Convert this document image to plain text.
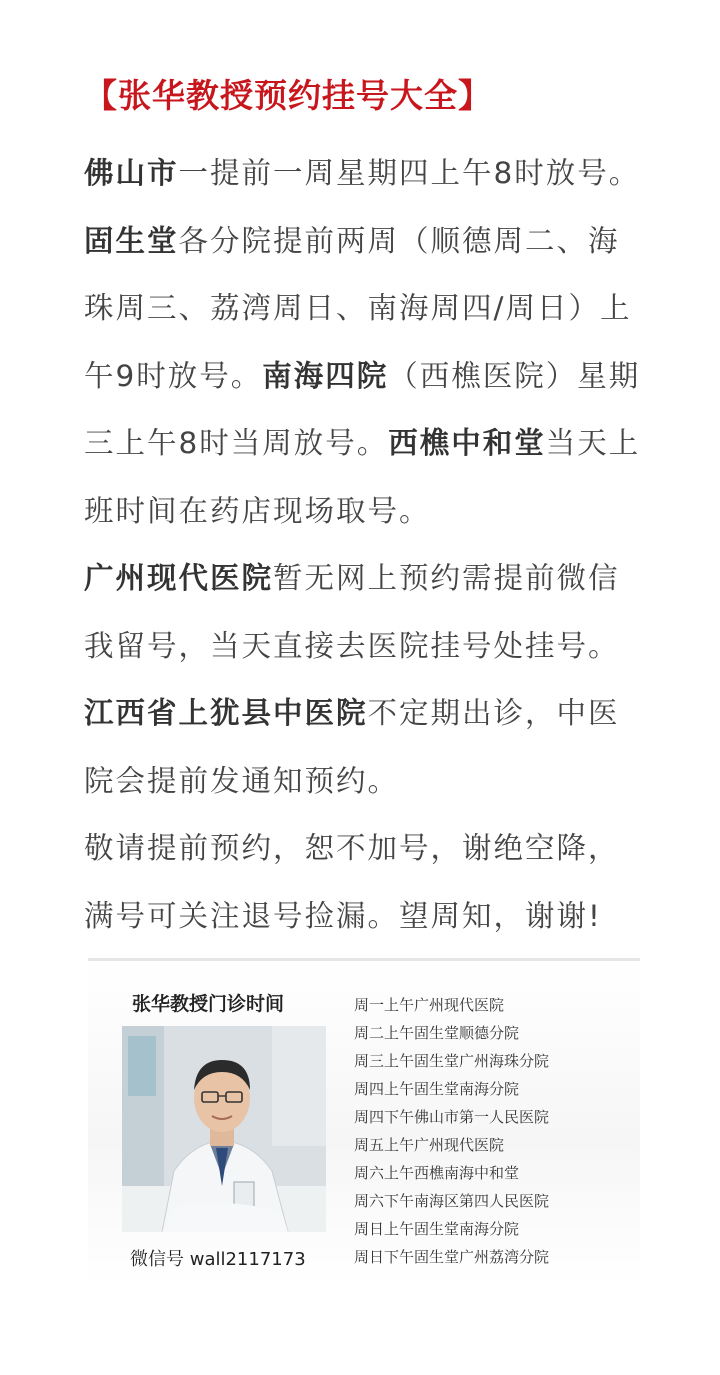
【张华教授预约挂号大全】

佛山市一提前一周星期四上午8时放号。固生堂各分院提前两周（顺德周二、海珠周三、荔湾周日、南海周四/周日）上午9时放号。南海四院（西樵医院）星期三上午8时当周放号。西樵中和堂当天上班时间在药店现场取号。

广州现代医院暂无网上预约需提前微信我留号，当天直接去医院挂号处挂号。

江西省上犹县中医院不定期出诊，中医院会提前发通知预约。

敬请提前预约，恕不加号，谢绝空降，满号可关注退号捡漏。望周知，谢谢!

张华教授门诊时间
微信号 wall2117173
周一上午广州现代医院
周二上午固生堂顺德分院
周三上午固生堂广州海珠分院
周四上午固生堂南海分院
周四下午佛山市第一人民医院
周五上午广州现代医院
周六上午西樵南海中和堂
周六下午南海区第四人民医院
周日上午固生堂南海分院
周日下午固生堂广州荔湾分院
